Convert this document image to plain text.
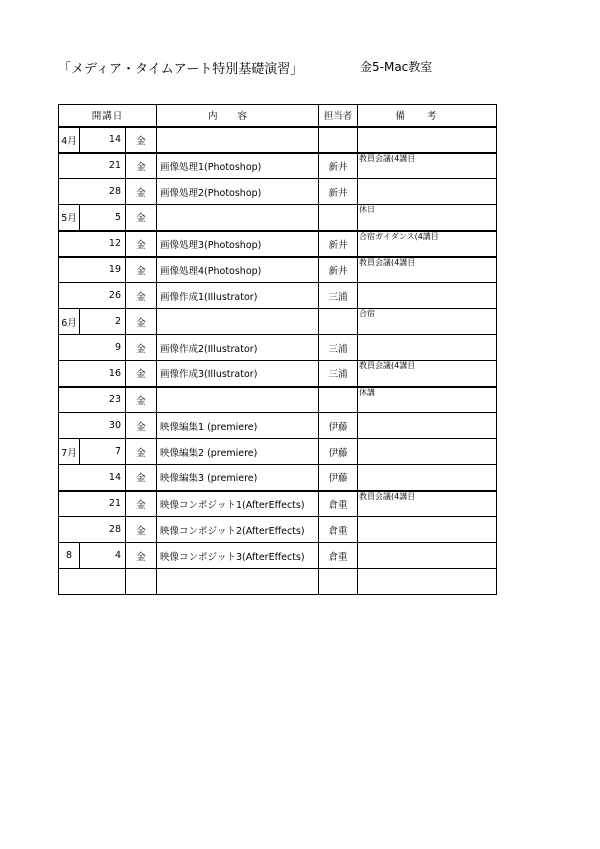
「メディア・タイムアート特別基礎演習」	金5-Mac教室
開講日			内容	担当者	備考
4月	14	金			
	21	金	画像処理1(Photoshop)	新井	教員会議(4講目
	28	金	画像処理2(Photoshop)	新井	
5月	5	金			休日
	12	金	画像処理3(Photoshop)	新井	合宿ガイダンス(4講目
	19	金	画像処理4(Photoshop)	新井	教員会議(4講目
	26	金	画像作成1(Illustrator)	三浦	
6月	2	金			合宿
	9	金	画像作成2(Illustrator)	三浦	
	16	金	画像作成3(Illustrator)	三浦	教員会議(4講目
	23	金			休講
	30	金	映像編集1 (premiere)	伊藤	
7月	7	金	映像編集2 (premiere)	伊藤	
	14	金	映像編集3 (premiere)	伊藤	
	21	金	映像コンポジット1(AfterEffects)	倉重	教員会議(4講目
	28	金	映像コンポジット2(AfterEffects)	倉重	
8	4	金	映像コンポジット3(AfterEffects)	倉重	
